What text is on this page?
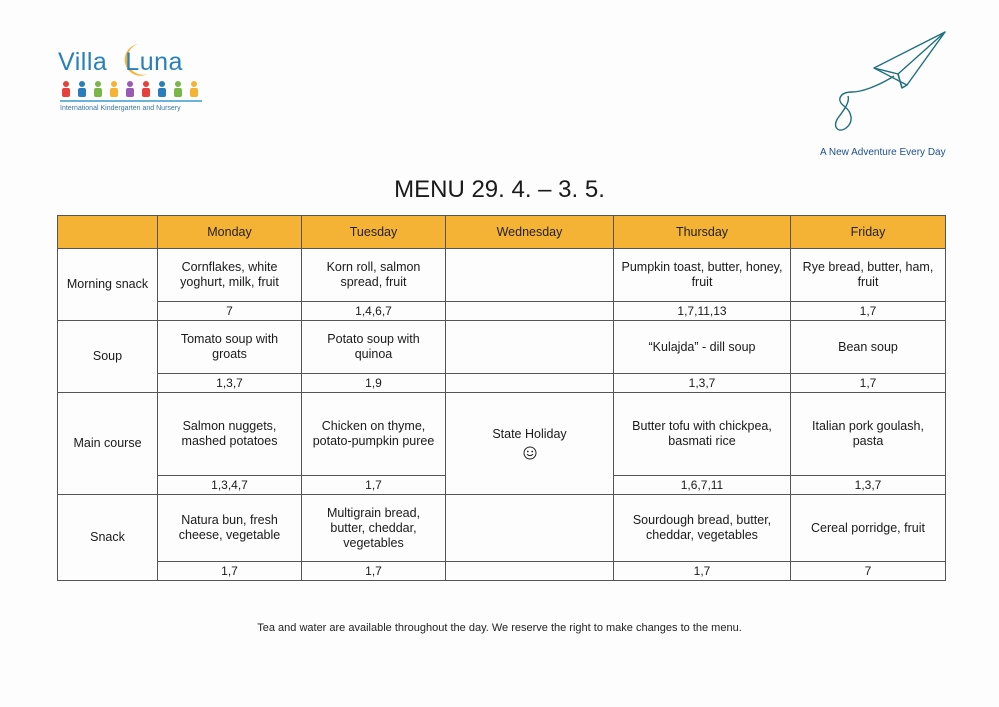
Villa Luna
International Kindergarten and Nursery
A New Adventure Every Day
MENU 29. 4. – 3. 5.
	Monday	Tuesday	Wednesday	Thursday	Friday
Morning snack	Cornflakes, white yoghurt, milk, fruit	Korn roll, salmon spread, fruit		Pumpkin toast, butter, honey, fruit	Rye bread, butter, ham, fruit
	7	1,4,6,7		1,7,11,13	1,7
Soup	Tomato soup with groats	Potato soup with quinoa		“Kulajda” - dill soup	Bean soup
	1,3,7	1,9		1,3,7	1,7
Main course	Salmon nuggets, mashed potatoes	Chicken on thyme, potato-pumpkin puree	State Holiday	Butter tofu with chickpea, basmati rice	Italian pork goulash, pasta
	1,3,4,7	1,7		1,6,7,11	1,3,7
Snack	Natura bun, fresh cheese, vegetable	Multigrain bread, butter, cheddar, vegetables		Sourdough bread, butter, cheddar, vegetables	Cereal porridge, fruit
	1,7	1,7		1,7	7
Tea and water are available throughout the day. We reserve the right to make changes to the menu.
